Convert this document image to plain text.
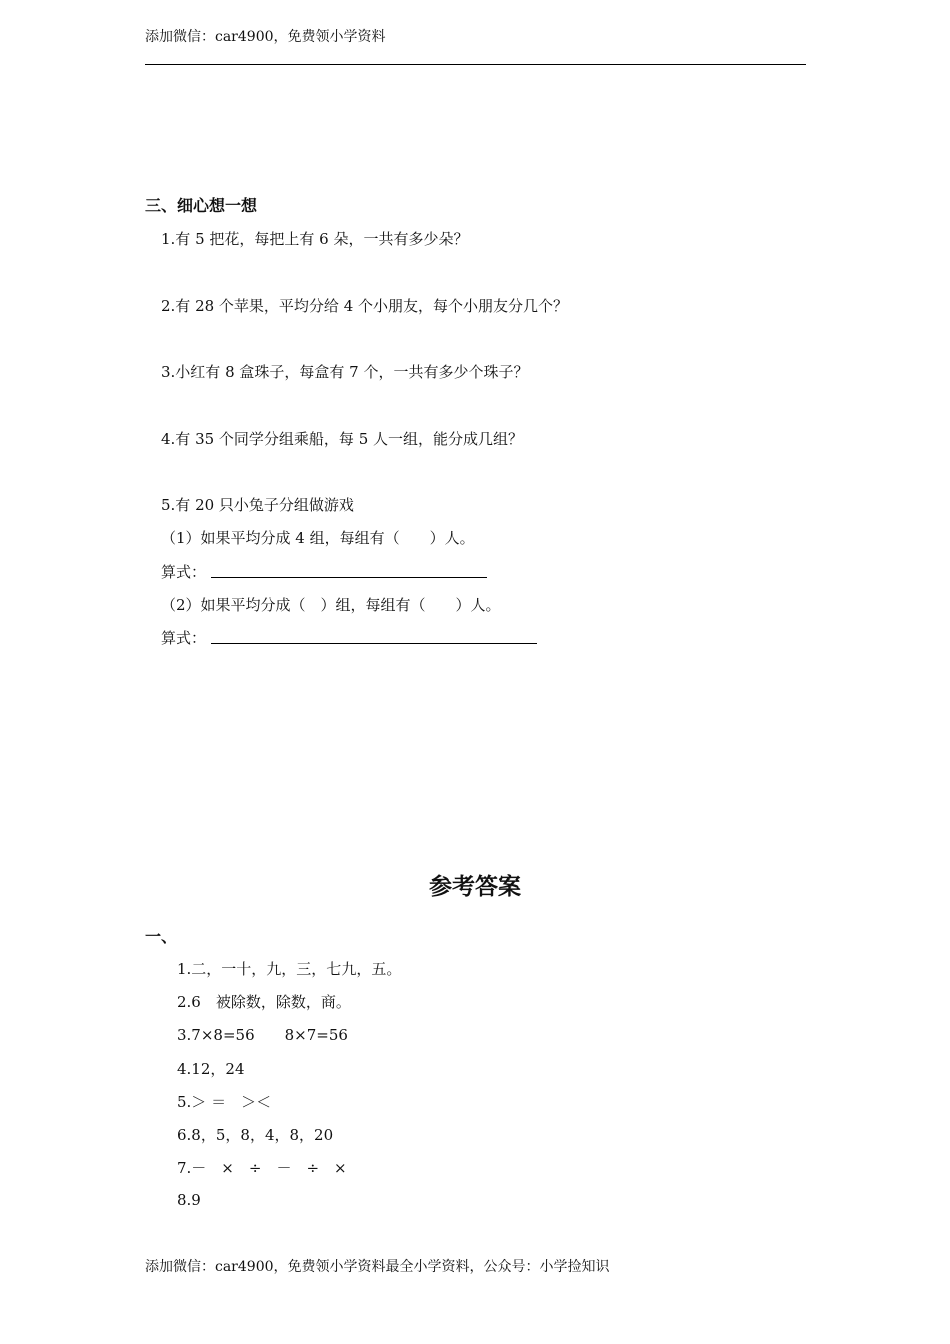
添加微信：car4900，免费领小学资料
三、细心想一想
1.有 5 把花，每把上有 6 朵，一共有多少朵？
2.有 28 个苹果，平均分给 4 个小朋友，每个小朋友分几个？
3.小红有 8 盒珠子，每盒有 7 个，一共有多少个珠子？
4.有 35 个同学分组乘船，每 5 人一组，能分成几组？
5.有 20 只小兔子分组做游戏
（1）如果平均分成 4 组，每组有（　　）人。
算式：
（2）如果平均分成（　）组，每组有（　　）人。
算式：
参考答案
一、
1.二，一十，九，三，七九，五。
2.6　被除数，除数，商。
3.7×8=56　　8×7=56
4.12，24
5.＞ ＝　＞＜
6.8，5，8，4，8，20
7.－　×　÷　－　÷　×
8.9
添加微信：car4900，免费领小学资料最全小学资料，公众号：小学捡知识
